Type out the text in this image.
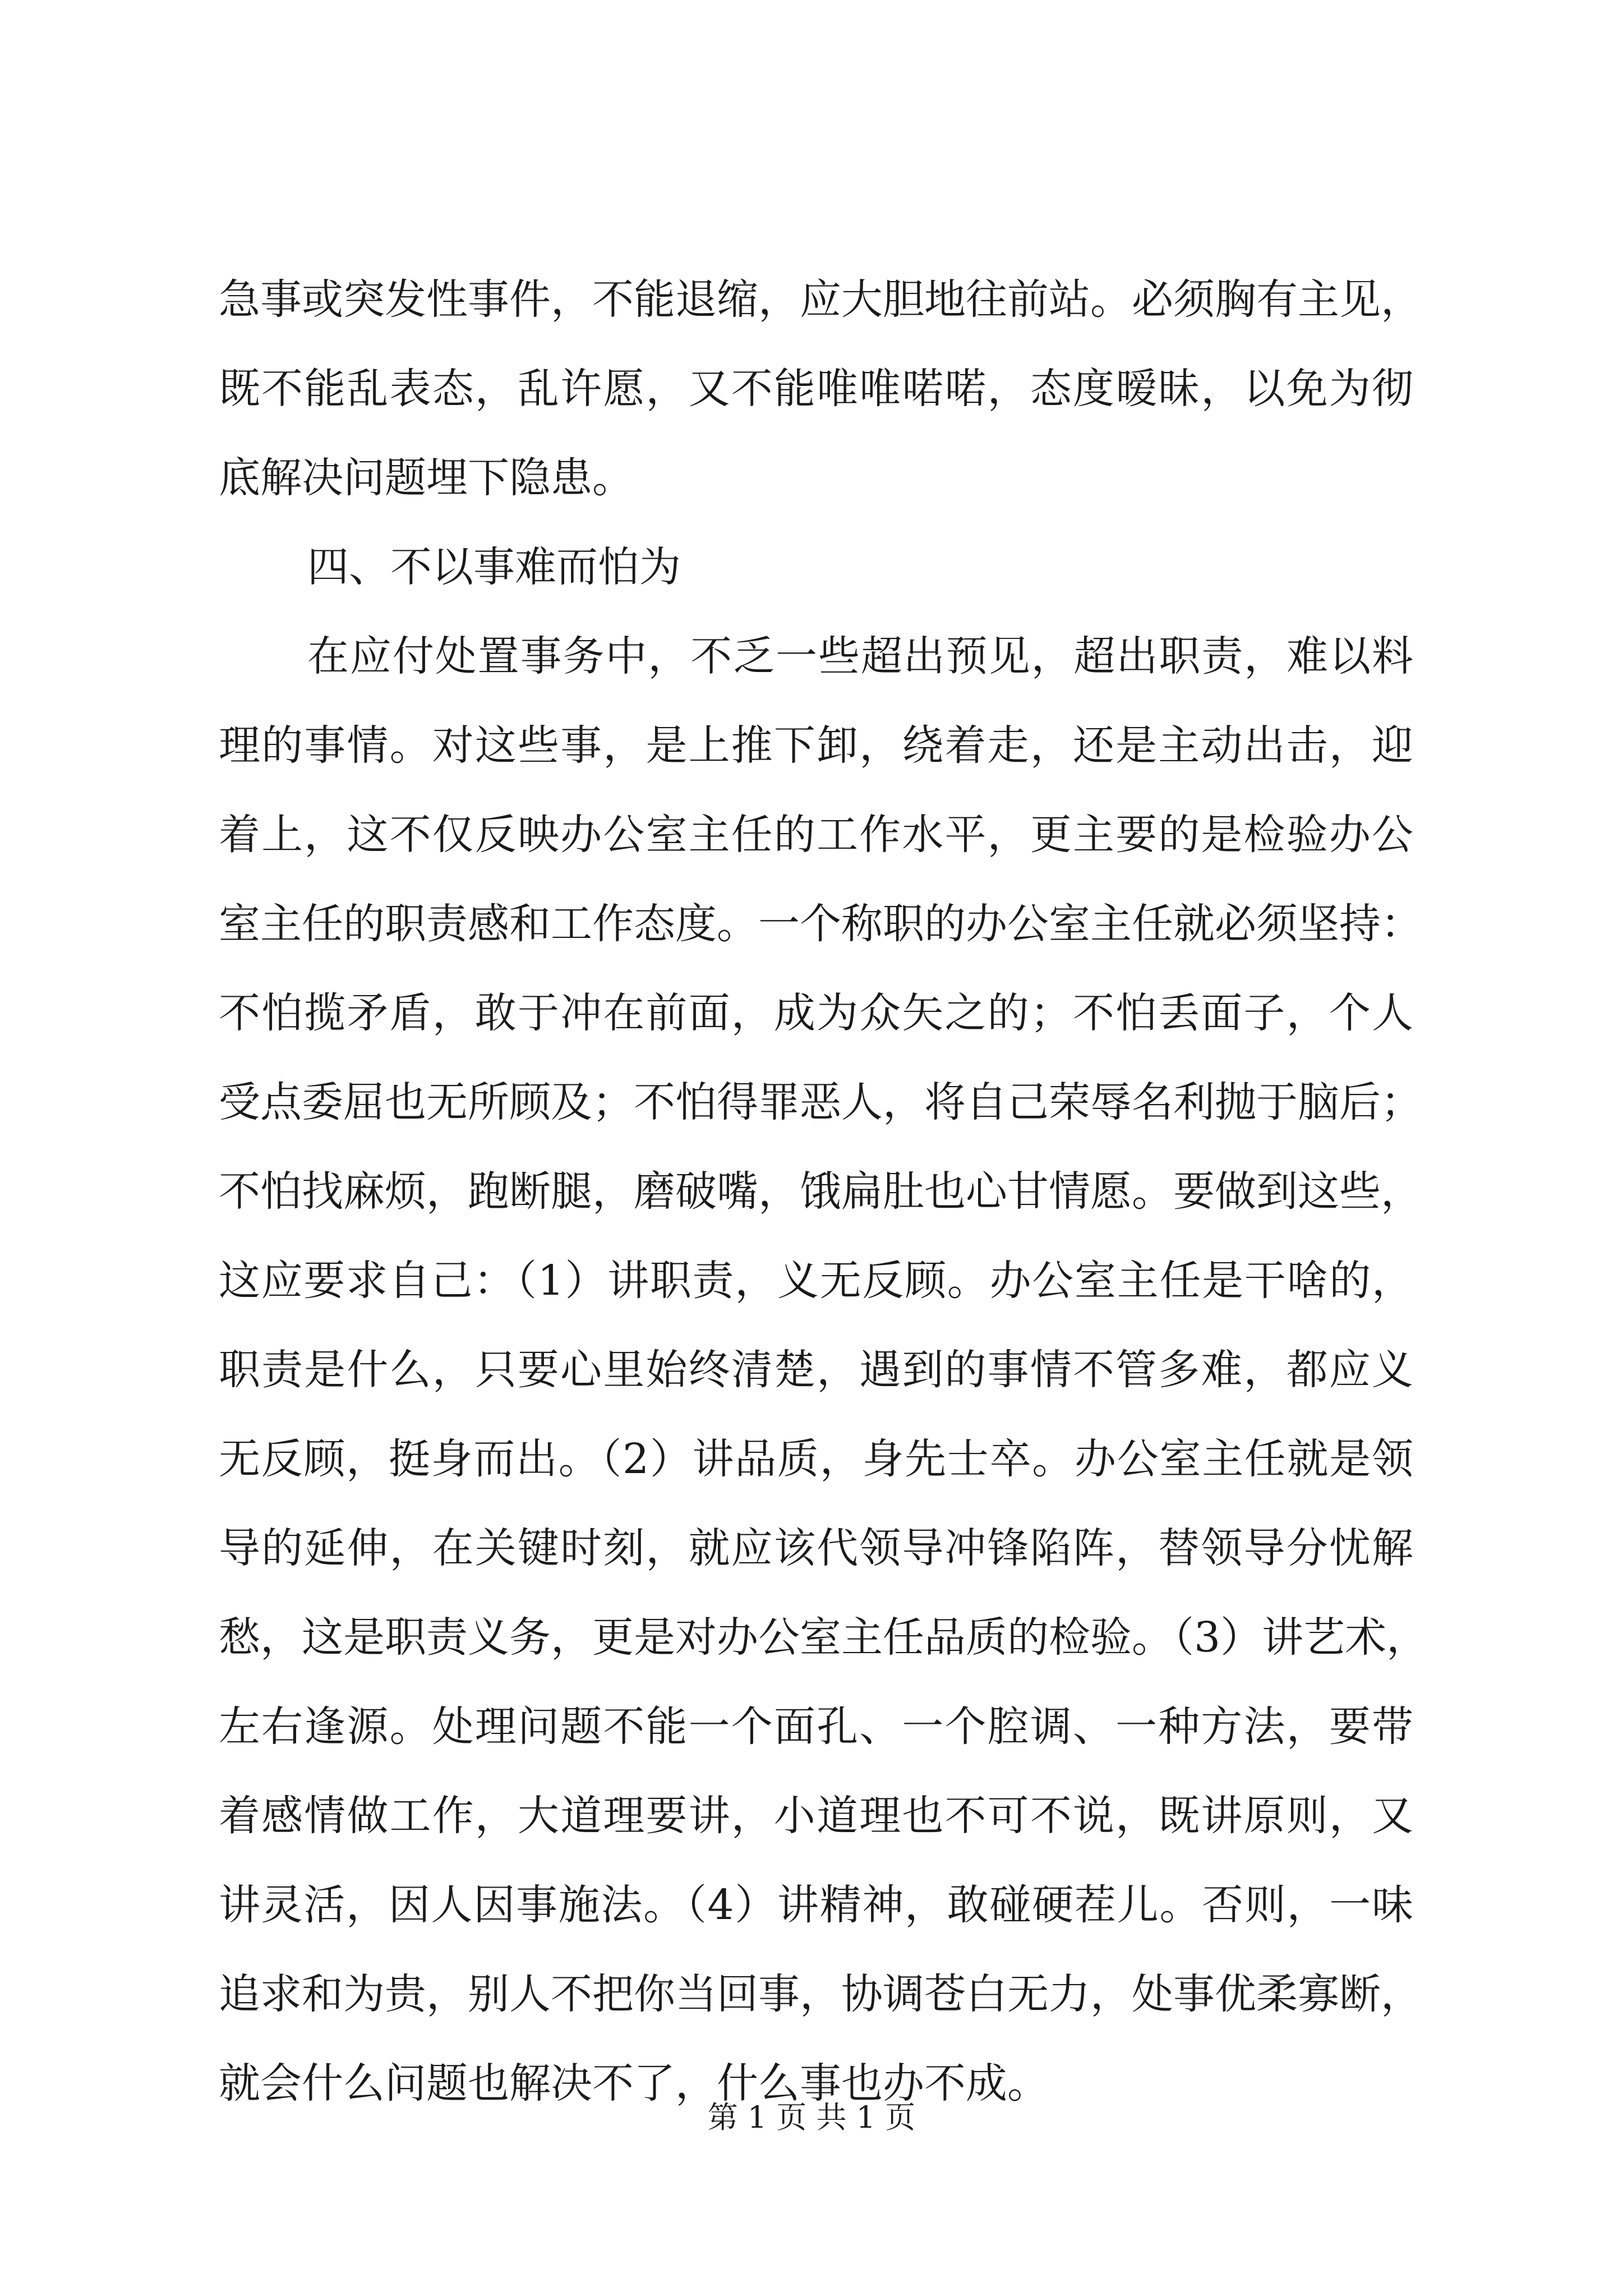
急事或突发性事件，不能退缩，应大胆地往前站。必须胸有主见，
既不能乱表态，乱许愿，又不能唯唯喏喏，态度暧昧，以免为彻
底解决问题埋下隐患。
四、不以事难而怕为
在应付处置事务中，不乏一些超出预见，超出职责，难以料
理的事情。对这些事，是上推下卸，绕着走，还是主动出击，迎
着上，这不仅反映办公室主任的工作水平，更主要的是检验办公
室主任的职责感和工作态度。一个称职的办公室主任就必须坚持：
不怕揽矛盾，敢于冲在前面，成为众矢之的；不怕丢面子，个人
受点委屈也无所顾及；不怕得罪恶人，将自己荣辱名利抛于脑后；
不怕找麻烦，跑断腿，磨破嘴，饿扁肚也心甘情愿。要做到这些，
这应要求自己：（1）讲职责，义无反顾。办公室主任是干啥的，
职责是什么，只要心里始终清楚，遇到的事情不管多难，都应义
无反顾，挺身而出。（2）讲品质，身先士卒。办公室主任就是领
导的延伸，在关键时刻，就应该代领导冲锋陷阵，替领导分忧解
愁，这是职责义务，更是对办公室主任品质的检验。（3）讲艺术，
左右逢源。处理问题不能一个面孔、一个腔调、一种方法，要带
着感情做工作，大道理要讲，小道理也不可不说，既讲原则，又
讲灵活，因人因事施法。（4）讲精神，敢碰硬茬儿。否则，一味
追求和为贵，别人不把你当回事，协调苍白无力，处事优柔寡断，
就会什么问题也解决不了，什么事也办不成。
第 1 页 共 1 页
